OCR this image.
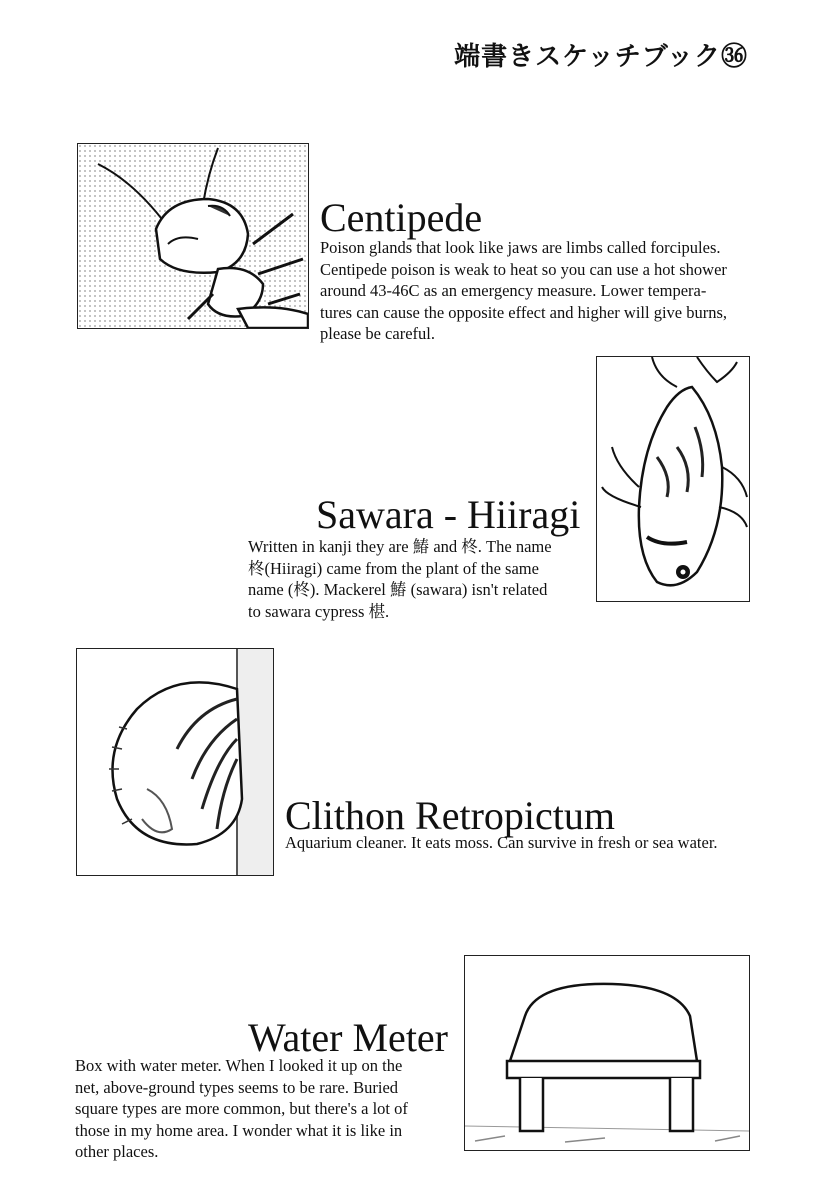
端書きスケッチブック㊱
Centipede
Poison glands that look like jaws are limbs called forcipules.
Centipede poison is weak to heat so you can use a hot shower
around 43-46C as an emergency measure. Lower tempera-
tures can cause the opposite effect and higher will give burns,
please be careful.
Sawara - Hiiragi
Written in kanji they are 鰆 and 柊. The name
柊(Hiiragi) came from the plant of the same
name (柊). Mackerel 鰆 (sawara) isn't related
to sawara cypress 椹.
Clithon Retropictum
Aquarium cleaner. It eats moss. Can survive in fresh or sea water.
Water Meter
Box with water meter. When I looked it up on the
net, above-ground types seems to be rare. Buried
square types are more common, but there's a lot of
those in my home area. I wonder what it is like in
other places.
